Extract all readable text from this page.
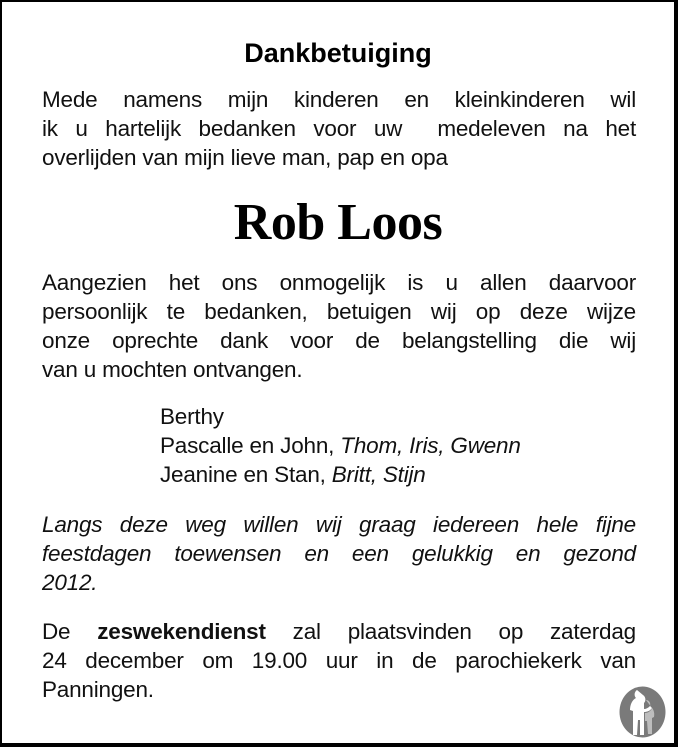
Dankbetuiging
Mede namens mijn kinderen en kleinkinderen wil
ik u hartelijk bedanken voor uw  medeleven na het
overlijden van mijn lieve man, pap en opa
Rob Loos
Aangezien het ons onmogelijk is u allen daarvoor
persoonlijk te bedanken, betuigen wij op deze wijze
onze oprechte dank voor de belangstelling die wij
van u mochten ontvangen.
Berthy
Pascalle en John, Thom, Iris, Gwenn
Jeanine en Stan, Britt, Stijn
Langs deze weg willen wij graag iedereen hele fijne
feestdagen toewensen en een gelukkig en gezond
2012.
De zeswekendienst zal plaatsvinden op zaterdag
24 december om 19.00 uur in de parochiekerk van
Panningen.
